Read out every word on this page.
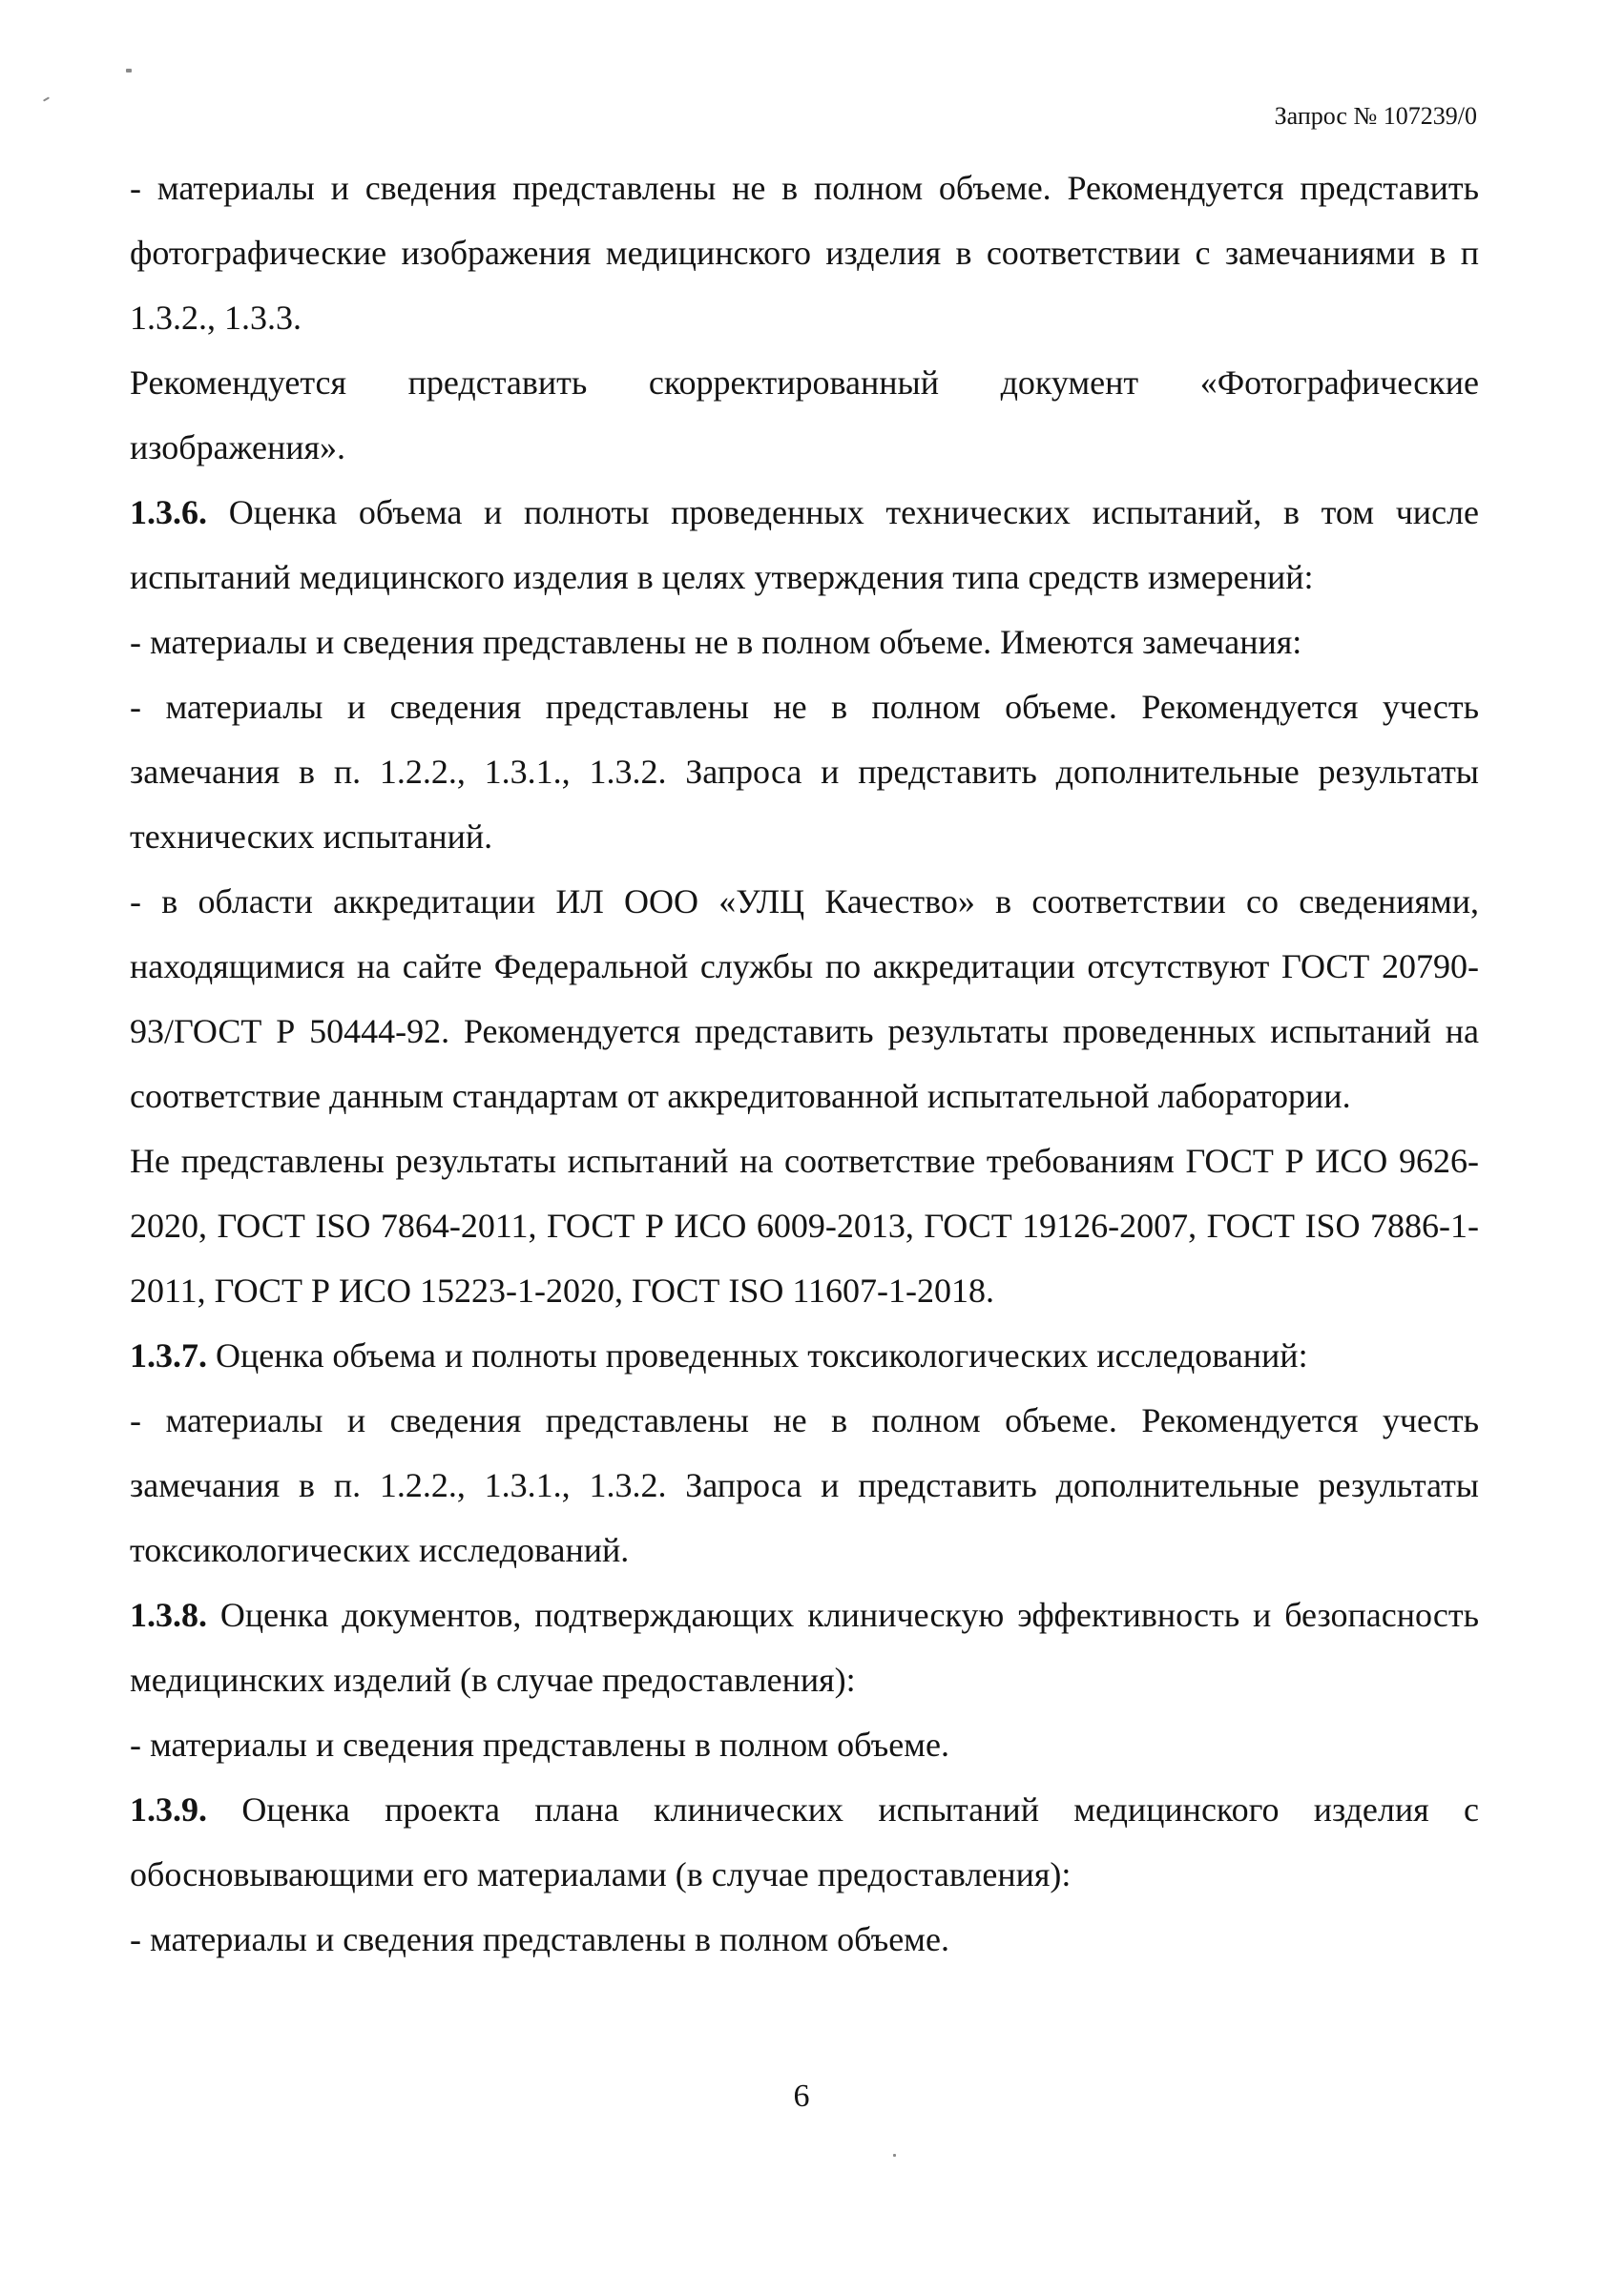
Запрос № 107239/0

- материалы и сведения представлены не в полном объеме. Рекомендуется представить фотографические изображения медицинского изделия в соответствии с замечаниями в п 1.3.2., 1.3.3.

Рекомендуется представить скорректированный документ «Фотографические изображения».

1.3.6. Оценка объема и полноты проведенных технических испытаний, в том числе испытаний медицинского изделия в целях утверждения типа средств измерений:

- материалы и сведения представлены не в полном объеме. Имеются замечания:

- материалы и сведения представлены не в полном объеме. Рекомендуется учесть замечания в п. 1.2.2., 1.3.1., 1.3.2. Запроса и представить дополнительные результаты технических испытаний.

- в области аккредитации ИЛ ООО «УЛЦ Качество» в соответствии со сведениями, находящимися на сайте Федеральной службы по аккредитации отсутствуют ГОСТ 20790-93/ГОСТ Р 50444-92. Рекомендуется представить результаты проведенных испытаний на соответствие данным стандартам от аккредитованной испытательной лаборатории.

Не представлены результаты испытаний на соответствие требованиям ГОСТ Р ИСО 9626-2020, ГОСТ ISO 7864-2011, ГОСТ Р ИСО 6009-2013, ГОСТ 19126-2007, ГОСТ ISO 7886-1-2011, ГОСТ Р ИСО 15223-1-2020, ГОСТ ISO 11607-1-2018.

1.3.7. Оценка объема и полноты проведенных токсикологических исследований:

- материалы и сведения представлены не в полном объеме. Рекомендуется учесть замечания в п. 1.2.2., 1.3.1., 1.3.2. Запроса и представить дополнительные результаты токсикологических исследований.

1.3.8. Оценка документов, подтверждающих клиническую эффективность и безопасность медицинских изделий (в случае предоставления):

- материалы и сведения представлены в полном объеме.

1.3.9. Оценка проекта плана клинических испытаний медицинского изделия с обосновывающими его материалами (в случае предоставления):

- материалы и сведения представлены в полном объеме.

6
